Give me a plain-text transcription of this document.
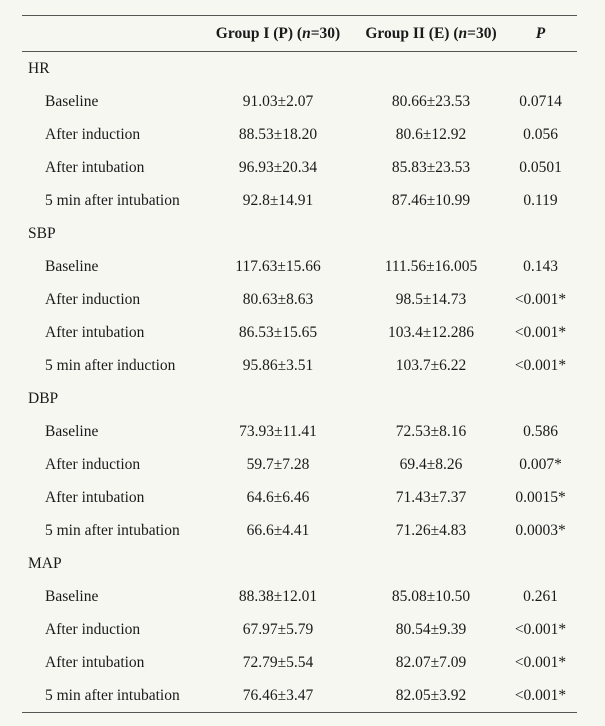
	Group I (P) (n=30)	Group II (E) (n=30)	P
HR			
Baseline	91.03±2.07	80.66±23.53	0.0714
After induction	88.53±18.20	80.6±12.92	0.056
After intubation	96.93±20.34	85.83±23.53	0.0501
5 min after intubation	92.8±14.91	87.46±10.99	0.119
SBP			
Baseline	117.63±15.66	111.56±16.005	0.143
After induction	80.63±8.63	98.5±14.73	<0.001*
After intubation	86.53±15.65	103.4±12.286	<0.001*
5 min after induction	95.86±3.51	103.7±6.22	<0.001*
DBP			
Baseline	73.93±11.41	72.53±8.16	0.586
After induction	59.7±7.28	69.4±8.26	0.007*
After intubation	64.6±6.46	71.43±7.37	0.0015*
5 min after intubation	66.6±4.41	71.26±4.83	0.0003*
MAP			
Baseline	88.38±12.01	85.08±10.50	0.261
After induction	67.97±5.79	80.54±9.39	<0.001*
After intubation	72.79±5.54	82.07±7.09	<0.001*
5 min after intubation	76.46±3.47	82.05±3.92	<0.001*
